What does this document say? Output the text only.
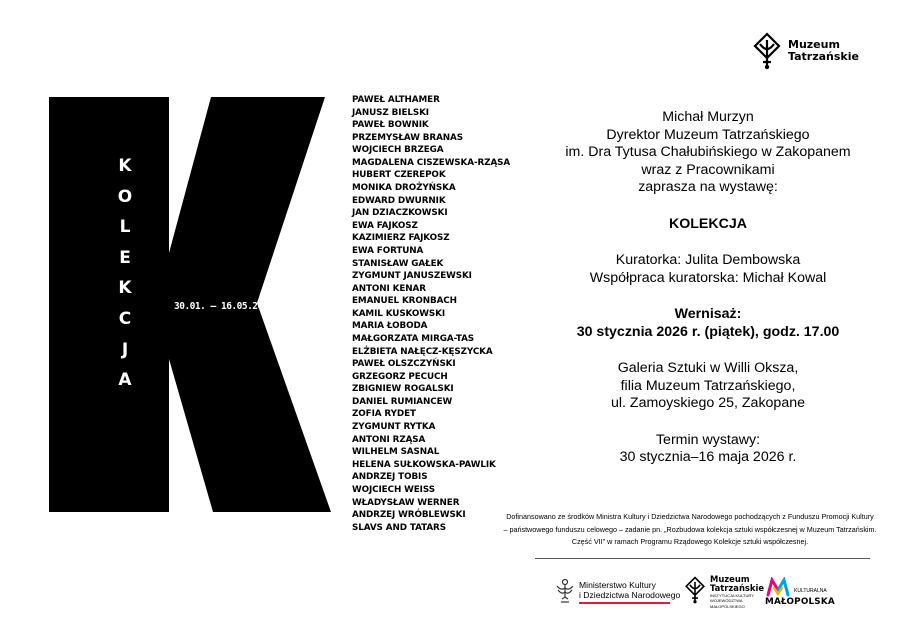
Muzeum
Tatrzańskie
K
O
L
E
K
C
J
A
30.01. – 16.05.2026
PAWEŁ ALTHAMER
JANUSZ BIELSKI
PAWEŁ BOWNIK
PRZEMYSŁAW BRANAS
WOJCIECH BRZEGA
MAGDALENA CISZEWSKA-RZĄSA
HUBERT CZEREPOK
MONIKA DROŻYŃSKA
EDWARD DWURNIK
JAN DZIACZKOWSKI
EWA FAJKOSZ
KAZIMIERZ FAJKOSZ
EWA FORTUNA
STANISŁAW GAŁEK
ZYGMUNT JANUSZEWSKI
ANTONI KENAR
EMANUEL KRONBACH
KAMIL KUSKOWSKI
MARIA ŁOBODA
MAŁGORZATA MIRGA-TAS
ELŻBIETA NAŁĘCZ-KĘSZYCKA
PAWEŁ OLSZCZYŃSKI
GRZEGORZ PECUCH
ZBIGNIEW ROGALSKI
DANIEL RUMIANCEW
ZOFIA RYDET
ZYGMUNT RYTKA
ANTONI RZĄSA
WILHELM SASNAL
HELENA SUŁKOWSKA-PAWLIK
ANDRZEJ TOBIS
WOJCIECH WEISS
WŁADYSŁAW WERNER
ANDRZEJ WRÓBLEWSKI
SLAVS AND TATARS

Michał Murzyn

Dyrektor Muzeum Tatrzańskiego

im. Dra Tytusa Chałubińskiego w Zakopanem

wraz z Pracownikami

zaprasza na wystawę:

KOLEKCJA

Kuratorka: Julita Dembowska

Współpraca kuratorska: Michał Kowal

Wernisaż:

30 stycznia 2026 r. (piątek), godz. 17.00

Galeria Sztuki w Willi Oksza,

filia Muzeum Tatrzańskiego,

ul. Zamoyskiego 25, Zakopane

Termin wystawy:

30 stycznia–16 maja 2026 r.

Dofinansowano ze środków Ministra Kultury i Dziedzictwa Narodowego pochodzących z Funduszu Promocji Kultury

– państwowego funduszu celowego – zadanie pn. „Rozbudowa kolekcja sztuki współczesnej w Muzeum Tatrzańskim.

Część VII" w ramach Programu Rządowego Kolekcje sztuki współczesnej.

Ministerstwo Kultury
i Dziedzictwa Narodowego
Muzeum
Tatrzańskie
INSTYTUCJA KULTURY
WOJEWÓDZTWA
MAŁOPOLSKIEGO
KULTURALNA
MAŁOPOLSKA
